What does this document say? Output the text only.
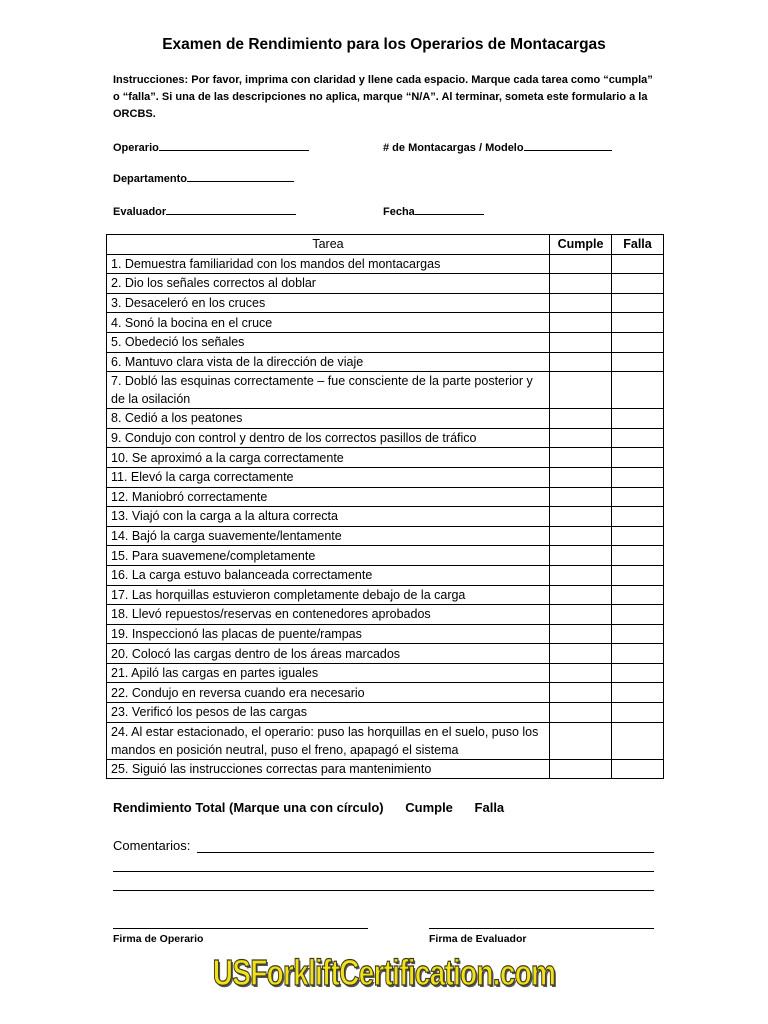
Examen de Rendimiento para los Operarios de Montacargas
Instrucciones: Por favor, imprima con claridad y llene cada espacio. Marque cada tarea como “cumpla” o “falla”. Si una de las descripciones no aplica, marque “N/A”. Al terminar, someta este formulario a la ORCBS.
Operario	# de Montacargas / Modelo
Departamento
Evaluador	Fecha
Tarea	Cumple	Falla
1. Demuestra familiaridad con los mandos del montacargas		
2. Dio los señales correctos al doblar		
3. Desaceleró en los cruces		
4. Sonó la bocina en el cruce		
5. Obedeció los señales		
6. Mantuvo clara vista de la dirección de viaje		
7. Dobló las esquinas correctamente – fue consciente de la parte posterior y de la osilación		
8. Cedió a los peatones		
9. Condujo con control y dentro de los correctos pasillos de tráfico		
10. Se aproximó a la carga correctamente		
11. Elevó la carga correctamente		
12. Maniobró correctamente		
13. Viajó con la carga a la altura correcta		
14. Bajó la carga suavemente/lentamente		
15. Para suavemene/completamente		
16. La carga estuvo balanceada correctamente		
17. Las horquillas estuvieron completamente debajo de la carga		
18. Llevó repuestos/reservas en contenedores aprobados		
19. Inspeccionó las placas de puente/rampas		
20. Colocó las cargas dentro de los áreas marcados		
21. Apiló las cargas en partes iguales		
22. Condujo en reversa cuando era necesario		
23. Verificó los pesos de las cargas		
24. Al estar estacionado, el operario: puso las horquillas en el suelo, puso los mandos en posición neutral, puso el freno, apapagó el sistema		
25. Siguió las instrucciones correctas para mantenimiento		
Rendimiento Total (Marque una con círculo) Cumple Falla
Comentarios:
Firma de Operario	Firma de Evaluador
USForkliftCertification.com
